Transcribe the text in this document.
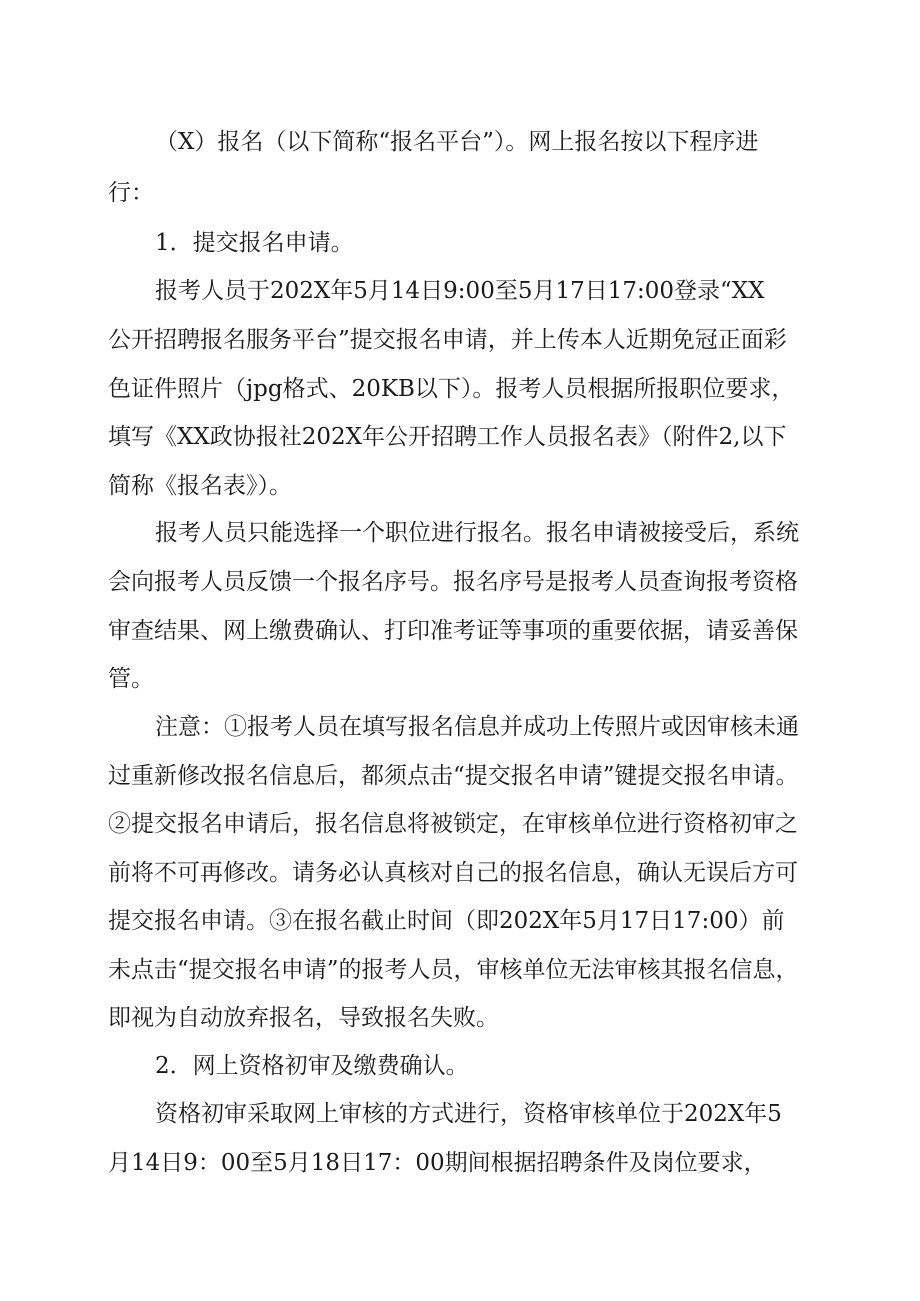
（X）报名（以下简称“报名平台”）。网上报名按以下程序进
行：
1．提交报名申请。
报考人员于202X年5月14日9:00至5月17日17:00登录“XX
公开招聘报名服务平台”提交报名申请，并上传本人近期免冠正面彩
色证件照片（jpg格式、20KB以下）。报考人员根据所报职位要求，
填写《XX政协报社202X年公开招聘工作人员报名表》（附件2,以下
简称《报名表》）。
报考人员只能选择一个职位进行报名。报名申请被接受后，系统
会向报考人员反馈一个报名序号。报名序号是报考人员查询报考资格
审查结果、网上缴费确认、打印准考证等事项的重要依据，请妥善保
管。
注意：①报考人员在填写报名信息并成功上传照片或因审核未通
过重新修改报名信息后，都须点击“提交报名申请”键提交报名申请。
②提交报名申请后，报名信息将被锁定，在审核单位进行资格初审之
前将不可再修改。请务必认真核对自己的报名信息，确认无误后方可
提交报名申请。③在报名截止时间（即202X年5月17日17:00）前
未点击“提交报名申请”的报考人员，审核单位无法审核其报名信息，
即视为自动放弃报名，导致报名失败。
2．网上资格初审及缴费确认。
资格初审采取网上审核的方式进行，资格审核单位于202X年5
月14日9：00至5月18日17：00期间根据招聘条件及岗位要求，
